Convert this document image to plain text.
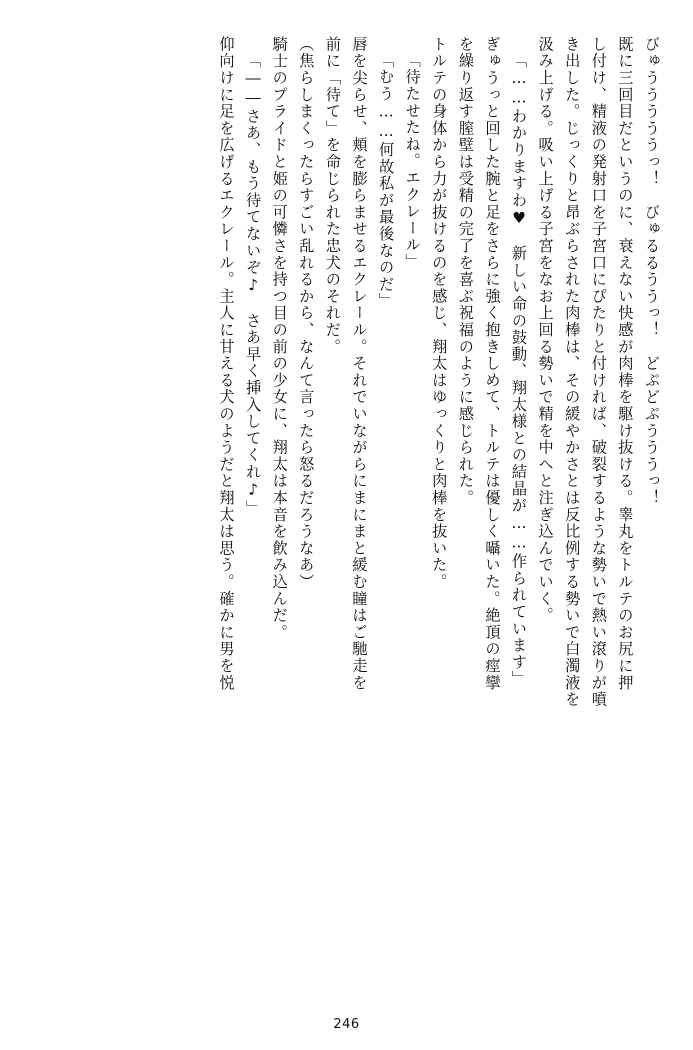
びゅうううううっ！　びゅるるううっ！　どぷどぷうううっ！
既に三回目だというのに、衰えない快感が肉棒を駆け抜ける。睾丸をトルテのお尻に押
し付け、精液の発射口を子宮口にぴたりと付ければ、破裂するような勢いで熱い滾りが噴
き出した。じっくりと昂ぶらされた肉棒は、その緩やかさとは反比例する勢いで白濁液を
汲み上げる。吸い上げる子宮をなお上回る勢いで精を中へと注ぎ込んでいく。
「……わかりますわ♥　新しい命の鼓動、翔太様との結晶が……作られています」
ぎゅうっと回した腕と足をさらに強く抱きしめて、トルテは優しく囁いた。絶頂の痙攣
を繰り返す膣壁は受精の完了を喜ぶ祝福のように感じられた。
トルテの身体から力が抜けるのを感じ、翔太はゆっくりと肉棒を抜いた。
「待たせたね。エクレール」
「むう……何故私が最後なのだ」
唇を尖らせ、頬を膨らませるエクレール。それでいながらにまにまと緩む瞳はご馳走を
前に「待て」を命じられた忠犬のそれだ。
（焦らしまくったらすごい乱れるから、なんて言ったら怒るだろうなあ）
騎士のプライドと姫の可憐さを持つ目の前の少女に、翔太は本音を飲み込んだ。
「――さあ、もう待てないぞ♪　さあ早く挿入してくれ♪」
仰向けに足を広げるエクレール。主人に甘える犬のようだと翔太は思う。確かに男を悦
246
